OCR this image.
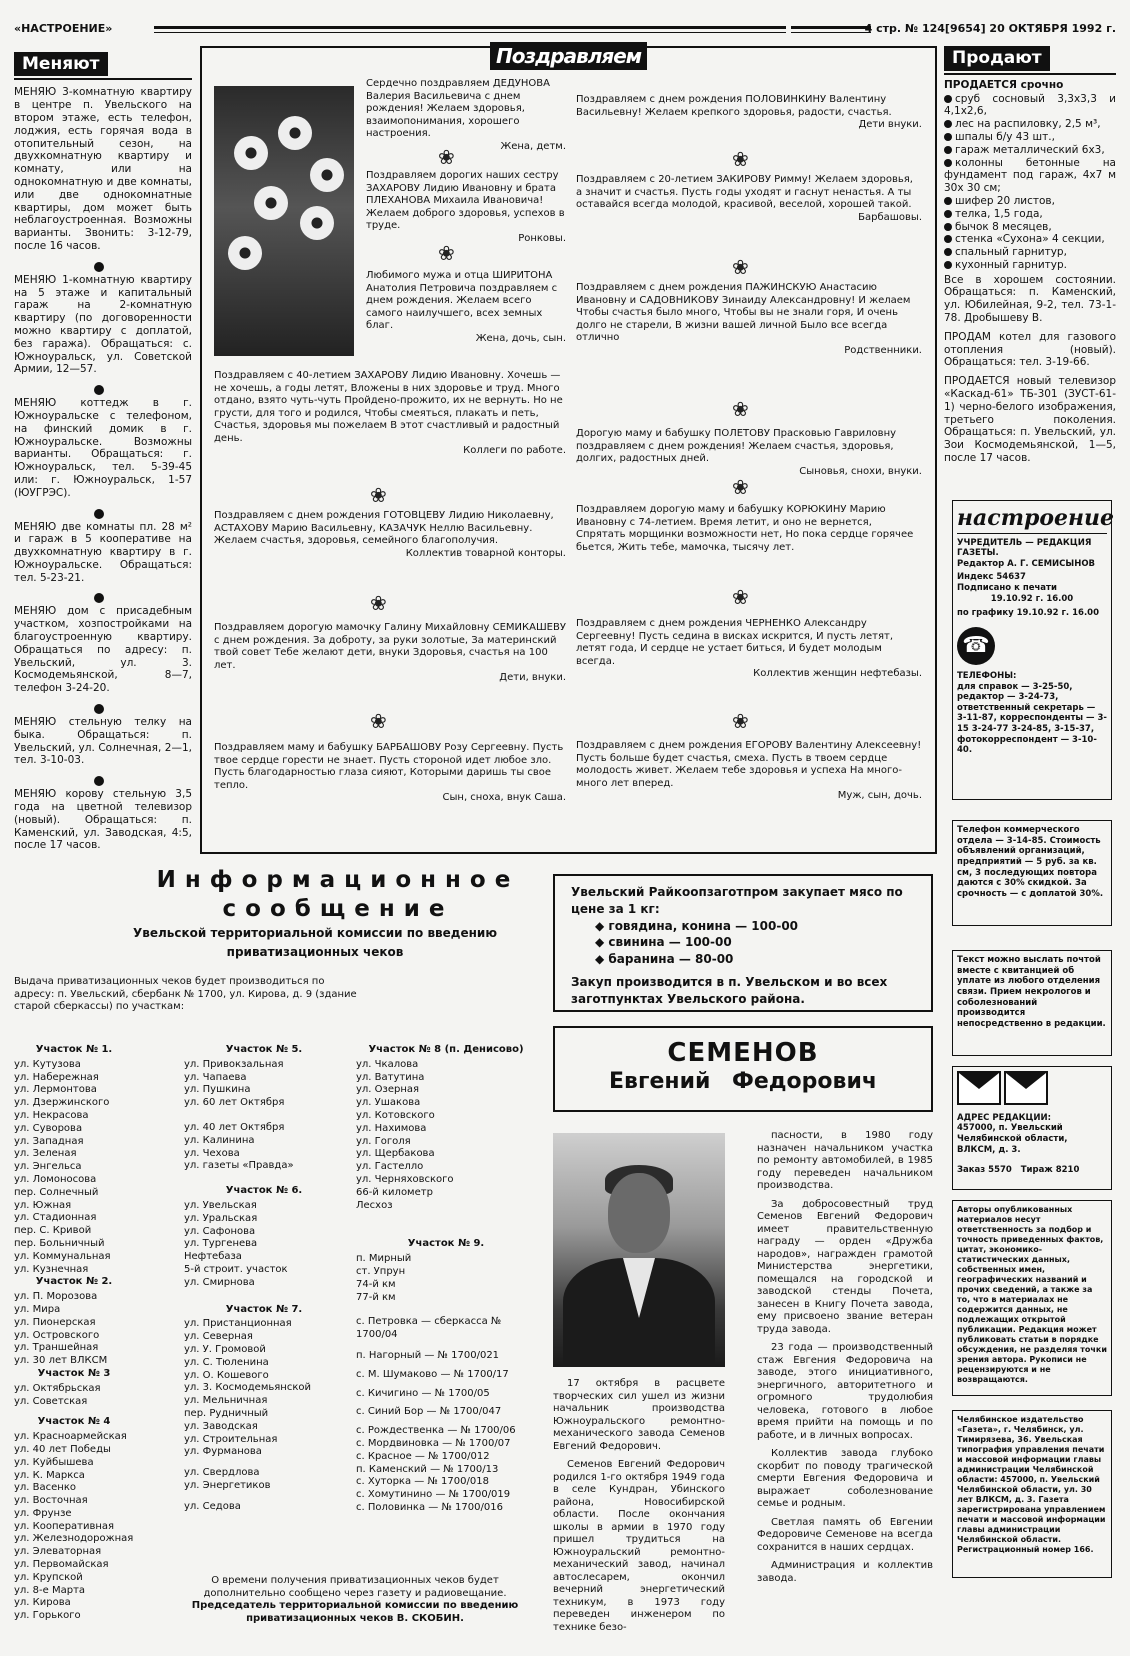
«НАСТРОЕНИЕ»	4 стр. № 124[9654] 20 ОКТЯБРЯ 1992 г.
Меняют

МЕНЯЮ 3-комнатную квартиру в центре п. Увельского на втором этаже, есть телефон, лоджия, есть горячая вода в отопительный сезон, на двухкомнатную квартиру и комнату, или на однокомнатную и две комнаты, или две однокомнатные квартиры, дом может быть неблагоустроенная. Возможны варианты. Звонить: 3-12-79, после 16 часов.

МЕНЯЮ 1-комнатную квартиру на 5 этаже и капитальный гараж на 2-комнатную квартиру (по договоренности можно квартиру с доплатой, без гаража). Обращаться: с. Южноуральск, ул. Советской Армии, 12—57.

МЕНЯЮ коттедж в г. Южноуральске с телефоном, на финский домик в г. Южноуральске. Возможны варианты. Обращаться: г. Южноуральск, тел. 5-39-45 или: г. Южноуральск, 1-57 (ЮУГРЭС).

МЕНЯЮ две комнаты пл. 28 м² и гараж в 5 кооперативе на двухкомнатную квартиру в г. Южноуральске. Обращаться: тел. 5-23-21.

МЕНЯЮ дом с присадебным участком, хозпостройками на благоустроенную квартиру. Обращаться по адресу: п. Увельский, ул. 3. Космодемьянской, 8—7, телефон 3-24-20.

МЕНЯЮ стельную телку на быка. Обращаться: п. Увельский, ул. Солнечная, 2—1, тел. 3-10-03.

МЕНЯЮ корову стельную 3,5 года на цветной телевизор (новый). Обращаться: п. Каменский, ул. Заводская, 4:5, после 17 часов.

Поздравляем
Сердечно поздравляем ДЕДУНОВА Валерия Васильевича с днем рождения! Желаем здоровья, взаимопонимания, хорошего настроения.
Жена, детм.
❀
Поздравляем дорогих наших сестру ЗАХАРОВУ Лидию Ивановну и брата ПЛЕХАНОВА Михаила Ивановича! Желаем доброго здоровья, успехов в труде.
Ронковы.
❀
Любимого мужа и отца ШИРИТОНА Анатолия Петровича поздравляем с днем рождения. Желаем всего самого наилучшего, всех земных благ.
Жена, дочь, сын.
Поздравляем с 40-летием ЗАХАРОВУ Лидию Ивановну. Хочешь — не хочешь, а годы летят, Вложены в них здоровье и труд. Много отдано, взято чуть-чуть Пройдено-прожито, их не вернуть. Но не грусти, для того и родился, Чтобы смеяться, плакать и петь, Счастья, здоровья мы пожелаем В этот счастливый и радостный день.
Коллеги по работе.
❀
Поздравляем с днем рождения ГОТОВЦЕВУ Лидию Николаевну, АСТАХОВУ Марию Васильевну, КАЗАЧУК Неллю Васильевну. Желаем счастья, здоровья, семейного благополучия.
Коллектив товарной конторы.
❀
Поздравляем дорогую мамочку Галину Михайловну СЕМИКАШЕВУ с днем рождения. За доброту, за руки золотые, За материнский твой совет Тебе желают дети, внуки Здоровья, счастья на 100 лет.
Дети, внуки.
❀
Поздравляем маму и бабушку БАРБАШОВУ Розу Сергеевну. Пусть твое сердце горести не знает. Пусть стороной идет любое зло. Пусть благодарностью глаза сияют, Которыми даришь ты свое тепло.
Сын, сноха, внук Саша.
Поздравляем с днем рождения ПОЛОВИНКИНУ Валентину Васильевну! Желаем крепкого здоровья, радости, счастья.
Дети внуки.
❀
Поздравляем с 20-летием ЗАКИРОВУ Римму! Желаем здоровья, а значит и счастья. Пусть годы уходят и гаснут ненастья. А ты оставайся всегда молодой, красивой, веселой, хорошей такой.
Барбашовы.
❀
Поздравляем с днем рождения ПАЖИНСКУЮ Анастасию Ивановну и САДОВНИКОВУ Зинаиду Александровну! И желаем Чтобы счастья было много, Чтобы вы не знали горя, И очень долго не старели, В жизни вашей личной Было все всегда отлично
Родственники.
❀
Дорогую маму и бабушку ПОЛЕТОВУ Прасковью Гавриловну поздравляем с днем рождения! Желаем счастья, здоровья, долгих, радостных дней.
Сыновья, снохи, внуки.
❀
Поздравляем дорогую маму и бабушку КОРЮКИНУ Марию Ивановну с 74-летием. Время летит, и оно не вернется, Спрятать морщинки возможности нет, Но пока сердце горячее бьется, Жить тебе, мамочка, тысячу лет.
❀
Поздравляем с днем рождения ЧЕРНЕНКО Александру Сергеевну! Пусть седина в висках искрится, И пусть летят, летят года, И сердце не устает биться, И будет молодым всегда.
Коллектив женщин нефтебазы.
❀
Поздравляем с днем рождения ЕГОРОВУ Валентину Алексеевну! Пусть больше будет счастья, смеха. Пусть в твоем сердце молодость живет. Желаем тебе здоровья и успеха На много-много лет вперед.
Муж, сын, дочь.
Продают

ПРОДАЕТСЯ срочно

сруб сосновый 3,3х3,3 и 4,1х2,6,
лес на распиловку, 2,5 м³,
шпалы б/у 43 шт.,
гараж металлический 6х3,
колонны бетонные на фундамент под гараж, 4х7 м 30х 30 см;
шифер 20 листов,
телка, 1,5 года,
бычок 8 месяцев,
стенка «Сухона» 4 секции,
спальный гарнитур,
кухонный гарнитур.

Все в хорошем состоянии. Обращаться: п. Каменский, ул. Юбилейная, 9-2, тел. 73-1-78. Дробышеву В.

ПРОДАМ котел для газового отопления (новый). Обращаться: тел. 3-19-66.

ПРОДАЕТСЯ новый телевизор «Каскад-61» ТБ-301 (ЗУСТ-61-1) черно-белого изображения, третьего поколения. Обращаться: п. Увельский, ул. Зои Космодемьянской, 1—5, после 17 часов.

настроение
УЧРЕДИТЕЛЬ — РЕДАКЦИЯ ГАЗЕТЫ.
Редактор А. Г. СЕМИСЫНОВ
Индекс 54637
Подписано к печати
19.10.92 г. 16.00
по графику 19.10.92 г. 16.00
☎
ТЕЛЕФОНЫ:
для справок — 3-25-50, редактор — 3-24-73, ответственный секретарь — 3-11-87, корреспонденты — 3-15 3-24-77 3-24-85, 3-15-37, фотокорреспондент — 3-10-40.
Телефон коммерческого отдела — 3-14-85. Стоимость объявлений организаций, предприятий — 5 руб. за кв. см, 3 последующих повтора даются с 30% скидкой. За срочность — с доплатой 30%.
Текст можно выслать почтой вместе с квитанцией об уплате из любого отделения связи. Прием некрологов и соболезнований производится непосредственно в редакции.

АДРЕС РЕДАКЦИИ:
457000, п. Увельский Челябинской области, ВЛКСМ, д. 3.
Заказ 5570 Тираж 8210
Авторы опубликованных материалов несут ответственность за подбор и точность приведенных фактов, цитат, экономико-статистических данных, собственных имен, географических названий и прочих сведений, а также за то, что в материалах не содержится данных, не подлежащих открытой публикации. Редакция может публиковать статьи в порядке обсуждения, не разделяя точки зрения автора. Рукописи не рецензируются и не возвращаются.
Челябинское издательство «Газета», г. Челябинск, ул. Тимирязева, 36. Увельская типография управления печати и массовой информации главы администрации Челябинской области: 457000, п. Увельский Челябинской области, ул. 30 лет ВЛКСМ, д. 3. Газета зарегистрирована управлением печати и массовой информации главы администрации Челябинской области. Регистрационный номер 166.
Информационное
сообщение
Увельской территориальной комиссии по введению приватизационных чеков
Выдача приватизационных чеков будет производиться по адресу: п. Увельский, сбербанк № 1700, ул. Кирова, д. 9 (здание старой сберкассы) по участкам:
Участок № 1.
ул. Кутузова
ул. Набережная
ул. Лермонтова
ул. Дзержинского
ул. Некрасова
ул. Суворова
ул. Западная
ул. Зеленая
ул. Энгельса
ул. Ломоносова
пер. Солнечный
ул. Южная
ул. Стадионная
пер. С. Кривой
пер. Больничный
ул. Коммунальная
ул. Кузнечная
Участок № 2.
ул. П. Морозова
ул. Мира
ул. Пионерская
ул. Островского
ул. Траншейная
ул. 30 лет ВЛКСМ
Участок № 3
ул. Октябрьская
ул. Советская
Участок № 4
ул. Красноармейская
ул. 40 лет Победы
ул. Куйбышева
ул. К. Маркса
ул. Васенко
ул. Восточная
ул. Фрунзе
ул. Кооперативная
ул. Железнодорожная
ул. Элеваторная
ул. Первомайская
ул. Крупской
ул. 8-е Марта
ул. Кирова
ул. Горького
Участок № 5.
ул. Привокзальная
ул. Чапаева
ул. Пушкина
ул. 60 лет Октября
ул. 40 лет Октября
ул. Калинина
ул. Чехова
ул. газеты «Правда»
Участок № 6.
ул. Увельская
ул. Уральская
ул. Сафонова
ул. Тургенева
Нефтебаза
5-й строит. участок
ул. Смирнова
Участок № 7.
ул. Пристанционная
ул. Северная
ул. У. Громовой
ул. С. Тюленина
ул. О. Кошевого
ул. 3. Космодемьянской
ул. Мельничная
пер. Рудничный
ул. Заводская
ул. Строительная
ул. Фурманова
ул. Свердлова
ул. Энергетиков
ул. Седова
Участок № 8 (п. Денисово)
ул. Чкалова
ул. Ватутина
ул. Озерная
ул. Ушакова
ул. Котовского
ул. Нахимова
ул. Гоголя
ул. Щербакова
ул. Гастелло
ул. Черняховского
66-й километр
Лесхоз
Участок № 9.
п. Мирный
ст. Упрун
74-й км
77-й км
с. Петровка — сберкасса № 1700/04
п. Нагорный — № 1700/021
с. М. Шумаково — № 1700/17
с. Кичигино — № 1700/05
с. Синий Бор — № 1700/047
с. Рождественка — № 1700/06
с. Мордвиновка — № 1700/07
с. Красное — № 1700/012
п. Каменский — № 1700/13
с. Хуторка — № 1700/018
с. Хомутинино — № 1700/019
с. Половинка — № 1700/016
О времени получения приватизационных чеков будет дополнительно сообщено через газету и радиовещание.
Председатель территориальной комиссии по введению приватизационных чеков В. СКОБИН.
Увельский Райкоопзаготпром закупает мясо по цене за 1 кг:
◆ говядина, конина — 100-00
◆ свинина — 100-00
◆ баранина — 80-00
Закуп производится в п. Увельском и во всех заготпунктах Увельского района.
СЕМЕНОВ
Евгений Федорович

17 октября в расцвете творческих сил ушел из жизни начальник производства Южноуральского ремонтно-механического завода Семенов Евгений Федорович.

Семенов Евгений Федорович родился 1-го октября 1949 года в селе Кундран, Убинского района, Новосибирской области. После окончания школы в армии в 1970 году пришел трудиться на Южноуральский ремонтно-механический завод, начинал автослесарем, окончил вечерний энергетический техникум, в 1973 году переведен инженером по технике безо-

пасности, в 1980 году назначен начальником участка по ремонту автомобилей, в 1985 году переведен начальником производства.

За добросовестный труд Семенов Евгений Федорович имеет правительственную награду — орден «Дружба народов», награжден грамотой Министерства энергетики, помещался на городской и заводской стенды Почета, занесен в Книгу Почета завода, ему присвоено звание ветеран труда завода.

23 года — производственный стаж Евгения Федоровича на заводе, этого инициативного, энергичного, авторитетного и огромного трудолюбия человека, готового в любое время прийти на помощь и по работе, и в личных вопросах.

Коллектив завода глубоко скорбит по поводу трагической смерти Евгения Федоровича и выражает соболезнование семье и родным.

Светлая память об Евгении Федоровиче Семенове на всегда сохранится в наших сердцах.

Администрация и коллектив завода.
